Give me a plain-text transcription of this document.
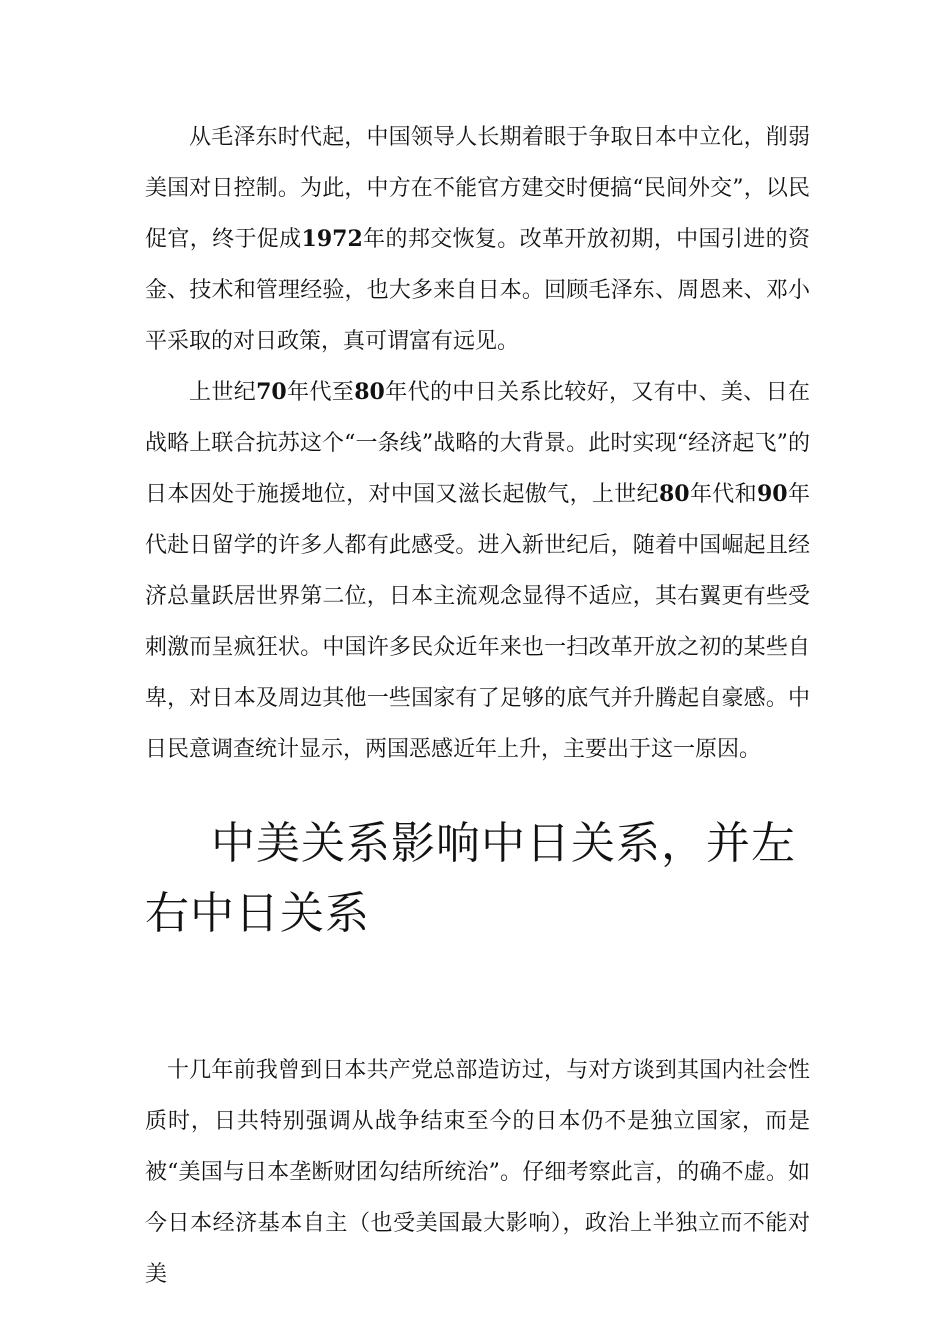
从毛泽东时代起，中国领导人长期着眼于争取日本中立化，削弱美国对日控制。为此，中方在不能官方建交时便搞“民间外交”，以民促官，终于促成1972年的邦交恢复。改革开放初期，中国引进的资金、技术和管理经验，也大多来自日本。回顾毛泽东、周恩来、邓小平采取的对日政策，真可谓富有远见。

上世纪70年代至80年代的中日关系比较好，又有中、美、日在战略上联合抗苏这个“一条线”战略的大背景。此时实现“经济起飞”的日本因处于施援地位，对中国又滋长起傲气，上世纪80年代和90年代赴日留学的许多人都有此感受。进入新世纪后，随着中国崛起且经济总量跃居世界第二位，日本主流观念显得不适应，其右翼更有些受刺激而呈疯狂状。中国许多民众近年来也一扫改革开放之初的某些自卑，对日本及周边其他一些国家有了足够的底气并升腾起自豪感。中日民意调查统计显示，两国恶感近年上升，主要出于这一原因。

中美关系影响中日关系，并左右中日关系

十几年前我曾到日本共产党总部造访过，与对方谈到其国内社会性质时，日共特别强调从战争结束至今的日本仍不是独立国家，而是被“美国与日本垄断财团勾结所统治”。仔细考察此言，的确不虚。如今日本经济基本自主（也受美国最大影响），政治上半独立而不能对美
